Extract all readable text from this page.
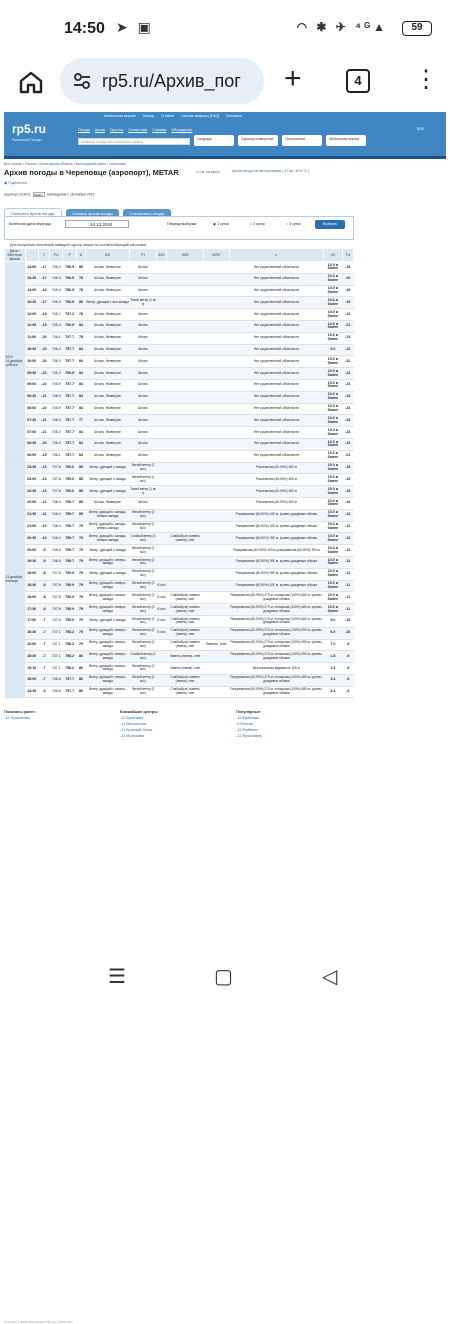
14:50 ➤ ▣	◠ ✱ ✈ ⁴ᴳ▲	59
rp5.ru/Архив_пог	+	4	⋮
Мобильная версия Геокод О сайте Частые вопросы (FAQ) Контакты
rp5.ru
Расписание Погоды
Погода Архив Прогноз Статистика Справка Обсуждение
Название города или населенного пункта
Language	Единицы измерений	Приложения	Мобильная версия
RSS
Все страны • Россия • Вологодская область • Вологодский район • Череповец
Архив погоды в Череповце (аэропорт), METAR	⚲ См. на карте	Архив погоды на метеостанции ( 17 км ; 10.9 °C )
▣ Поделиться
аэропорт (ICAO):ULWC	наблюдения с 18 ноября 2013
Смотреть архив погоды	Скачать архив погоды	Статистика погоды
Конечная дата периода	14.12.2024	Период выборки:	◉ 1 сутки	○ 2 суток	○ 3 суток	Выбрать
Для получения пояснений наведите курсор мыши на соответствующий заголовок
Дата / Местное время		T	Po	P	U	DD	Ff	ff10	WW	W'W'	c	VV	Td
2024
14 декабря,
суббота	14:00	-17	745.4	756.9	85	Штиль, безветрие	Штиль				Нет существенной облачности	10.0 и более	-19
	13:30	-17	745.4	756.9	78	Штиль, безветрие	Штиль				Нет существенной облачности	10.0 и более	-20
	13:00	-16	745.4	756.9	78	Штиль, безветрие	Штиль				Нет существенной облачности	10.0 и более	-19
	12:30	-17	745.4	756.9	85	Ветер, дующий с юго-запада	Тихий ветер (1 м/с)				Нет существенной облачности	10.0 и более	-19
	12:00	-19	745.7	757.2	78	Штиль, безветрие	Штиль				Нет существенной облачности	10.0 и более	-22
	11:30	-19	745.4	756.9	84	Штиль, безветрие	Штиль				Нет существенной облачности	10.0 и более	-21
	11:00	-20	746.1	757.7	78	Штиль, безветрие	Штиль				Нет существенной облачности	10.0 и более	-23
	10:30	-20	746.0	757.7	84	Штиль, безветрие	Штиль				Нет существенной облачности	9.0	-22
	10:00	-20	746.0	757.7	84	Штиль, безветрие	Штиль				Нет существенной облачности	10.0 и более	-22
	09:30	-22	745.2	756.9	84	Штиль, безветрие	Штиль				Нет существенной облачности	10.0 и более	-24
	09:00	-22	745.9	757.7	84	Штиль, безветрие	Штиль				Нет существенной облачности	10.0 и более	-24
	08:30	-21	746.0	757.7	84	Штиль, безветрие	Штиль				Нет существенной облачности	10.0 и более	-23
	08:00	-22	745.9	757.7	84	Штиль, безветрие	Штиль				Нет существенной облачности	10.0 и более	-24
	07:30	-21	746.0	757.7	77	Штиль, безветрие	Штиль				Нет существенной облачности	10.0 и более	-24
	07:00	-21	746.0	757.7	84	Штиль, безветрие	Штиль				Нет существенной облачности	10.0 и более	-23
	06:30	-20	746.0	757.7	84	Штиль, безветрие	Штиль				Нет существенной облачности	10.0 и более	-22
	06:00	-19	746.1	757.7	84	Штиль, безветрие	Штиль				Нет существенной облачности	10.0 и более	-21
13 декабря,
пятница	23:30	-13	747.6	759.0	85	Ветер, дующий с запада	Легкий ветер (2 м/с)				Рассеянная (40-50%) 450 м	10.0 и более	-15
	23:00	-13	747.6	759.0	85	Ветер, дующий с запада	Легкий ветер (2 м/с)				Рассеянная (40-50%) 450 м	10.0 и более	-15
	22:30	-13	747.6	759.0	85	Ветер, дующий с запада	Тихий ветер (1 м/с)				Рассеянная (40-50%) 450 м	10.0 и более	-15
	22:00	-12	748.4	759.7	85	Штиль, безветрие	Штиль				Рассеянная (40-50%) 450 м	10.0 и более	-14
	21:30	-11	748.4	759.7	85	Ветер, дующий с западо-северо-запада	Легкий ветер (2 м/с)				Разорванная (60-90%) 420 м, кучево-дождевые облака	10.0 и более	-13
	21:00	-10	748.4	759.7	79	Ветер, дующий с западо-северо-запада	Легкий ветер (2 м/с)				Разорванная (60-90%) 420 м, кучево-дождевые облака	10.0 и более	-12
	20:30	-10	748.4	759.7	79	Ветер, дующий с западо-северо-запада	Слабый ветер (3 м/с)		Слабый(ые) ливень (ливни), снег		Разорванная (60-90%) 390 м, кучево-дождевые облака	10.0 и более	-13
	20:00	-9	748.5	759.7	79	Ветер, дующий с запада	Легкий ветер (2 м/с)				Разорванная (60-90%) 420 м, разорванная (60-90%) 390 м	10.0 и более	-12
	19:30	-9	748.5	759.7	79	Ветер, дующий с северо-запада	Легкий ветер (2 м/с)				Разорванная (60-90%) 390 м, кучево-дождевые облака	10.0 и более	-12
	19:00	-8	747.8	759.0	79	Ветер, дующий с запада	Легкий ветер (2 м/с)				Разорванная (60-90%) 390 м, кучево-дождевые облака	10.0 и более	-11
	18:30	-8	747.8	759.0	79	Ветер, дующий с северо-запада	Легкий ветер (2 м/с)	8 м/с			Разорванная (60-90%) 420 м, кучево-дождевые облака	10.0 и более	-11
	18:00	-8	747.8	759.0	79	Ветер, дующий с северо-запада	Легкий ветер (2 м/с)	8 м/с	Слабый(ые) ливень (ливни), снег		Разорванная (60-90%) 270 м, сплошная (100%) 480 м, кучево-дождевые облака	10.0 и более	-11
	17:30	-8	747.8	759.0	79	Ветер, дующий с северо-запада	Легкий ветер (2 м/с)	8 м/с	Слабый(ые) ливень (ливни), снег		Разорванная (60-90%) 270 м, сплошная (100%) 480 м, кучево-дождевые облака	10.0 и более	-11
	17:00	-7	747.9	759.0	79	Ветер, дующий с запада	Легкий ветер (2 м/с)	8 м/с	Слабый(ые) ливень (ливни), снег		Разорванная (60-90%) 270 м, сплошная (100%) 480 м, кучево-дождевые облака	5.0	-10
	16:30	-7	747.1	758.2	79	Ветер, дующий с северо-запада	Легкий ветер (2 м/с)	8 м/с	Слабый(ые) ливень (ливни), снег		Разорванная (60-90%) 270 м, сплошная (100%) 390 м, кучево-дождевые облака	6.0	-10
	16:00	-7	747.1	758.2	79	Ветер, дующий с северо-запада	Легкий ветер (2 м/с)		Слабый(ые) ливень (ливни), снег	Ливень, снег	Разорванная (60-90%) 270 м, сплошная (100%) 390 м, кучево-дождевые облака	7.0	-9
	15:30	-7	747.1	758.2	86	Ветер, дующий с северо-запада	Слабый ветер (3 м/с)		Ливень (ливни), снег		Разорванная (60-90%) 270 м, сплошная (100%) 390 м, кучево-дождевые облака	1.8	-9
	15:10	-7	747.1	758.2	86	Ветер, дующий с северо-запада	Легкий ветер (2 м/с)		Ливень (ливни), снег		Вертикальная видимость 150 м	1.3	-9
	15:00	-7	746.6	757.7	86	Ветер, дующий с северо-запада	Легкий ветер (2 м/с)		Слабый(ые) ливень (ливни), снег		Разорванная (60-90%) 270 м, сплошная (100%) 480 м, кучево-дождевые облака	3.4	-9
	14:30	-6	746.6	757.7	80	Ветер, дующий с северо-запада	Легкий ветер (2 м/с)		Слабый(ые) ливень (ливни), снег		Разорванная (60-90%) 270 м, сплошная (100%) 480 м, кучево-дождевые облака	4.4	-9
Показаны ранее:
-12 Прокопово
Ближайшие центры:
-12 Брейтово
-14 Весьегонск
-11 Красный Холм
-11 Молокова
Популярные:
-12 Брейтово
-9 Ростов
-12 Рыбинск
-11 Ярославль
Copyright © 2005–Расписание Погоды, 2004-2024
☰	▢	◁
